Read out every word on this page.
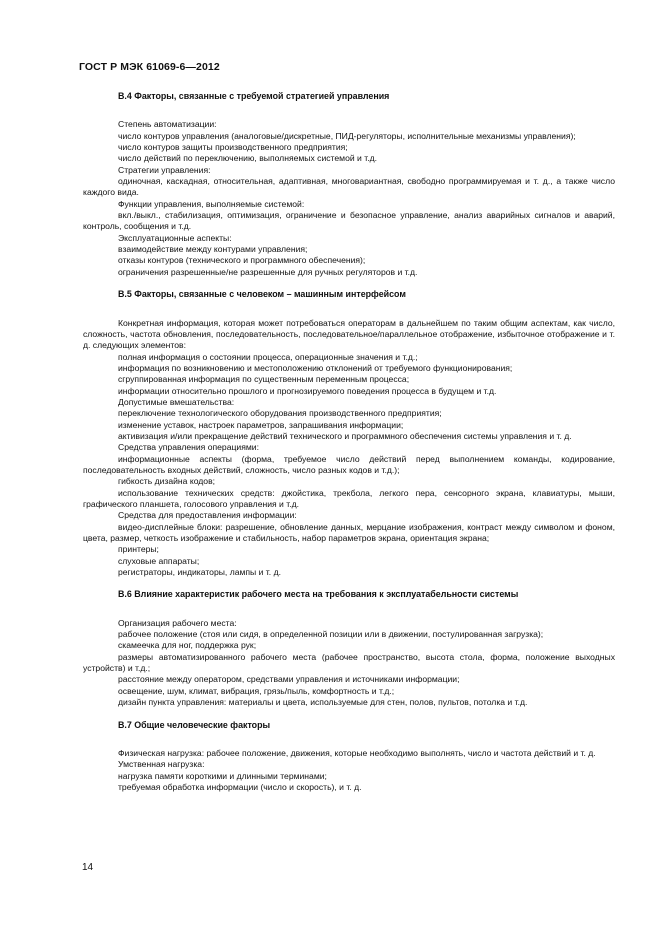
ГОСТ Р МЭК 61069-6—2012
В.4 Факторы, связанные с требуемой стратегией управления

Степень автоматизации:

число контуров управления (аналоговые/дискретные, ПИД-регуляторы, исполнительные механизмы управления);

число контуров защиты производственного предприятия;

число действий по переключению, выполняемых системой и т.д.

Стратегии управления:

одиночная, каскадная, относительная, адаптивная, многовариантная, свободно программируемая и т. д., а также число каждого вида.

Функции управления, выполняемые системой:

вкл./выкл., стабилизация, оптимизация, ограничение и безопасное управление, анализ аварийных сигналов и аварий, контроль, сообщения и т.д.

Эксплуатационные аспекты:

взаимодействие между контурами управления;

отказы контуров (технического и программного обеспечения);

ограничения разрешенные/не разрешенные для ручных регуляторов и т.д.

В.5 Факторы, связанные с человеком – машинным интерфейсом

Конкретная информация, которая может потребоваться операторам в дальнейшем по таким общим аспектам, как число, сложность, частота обновления, последовательность, последовательное/параллельное отображение, избыточное отображение и т. д. следующих элементов:

полная информация о состоянии процесса, операционные значения и т.д.;

информация по возникновению и местоположению отклонений от требуемого функционирования;

сгруппированная информация по существенным переменным процесса;

информации относительно прошлого и прогнозируемого поведения процесса в будущем и т.д.

Допустимые вмешательства:

переключение технологического оборудования производственного предприятия;

изменение уставок, настроек параметров, запрашивания информации;

активизация и/или прекращение действий технического и программного обеспечения системы управления и т. д.

Средства управления операциями:

информационные аспекты (форма, требуемое число действий перед выполнением команды, кодирование, последовательность входных действий, сложность, число разных кодов и т.д.);

гибкость дизайна кодов;

использование технических средств: джойстика, трекбола, легкого пера, сенсорного экрана, клавиатуры, мыши, графического планшета, голосового управления и т.д.

Средства для предоставления информации:

видео-дисплейные блоки: разрешение, обновление данных, мерцание изображения, контраст между символом и фоном, цвета, размер, четкость изображение и стабильность, набор параметров экрана, ориентация экрана;

принтеры;

слуховые аппараты;

регистраторы, индикаторы, лампы и т. д.

В.6 Влияние характеристик рабочего места на требования к эксплуатабельности системы

Организация рабочего места:

рабочее положение (стоя или сидя, в определенной позиции или в движении, постулированная загрузка);

скамеечка для ног, поддержка рук;

размеры автоматизированного рабочего места (рабочее пространство, высота стола, форма, положение выходных устройств) и т.д.;

расстояние между оператором, средствами управления и источниками информации;

освещение, шум, климат, вибрация, грязь/пыль, комфортность и т.д.;

дизайн пункта управления: материалы и цвета, используемые для стен, полов, пультов, потолка и т.д.

В.7 Общие человеческие факторы

Физическая нагрузка: рабочее положение, движения, которые необходимо выполнять, число и частота действий и т. д.

Умственная нагрузка:

нагрузка памяти короткими и длинными терминами;

требуемая обработка информации (число и скорость), и т. д.

14
